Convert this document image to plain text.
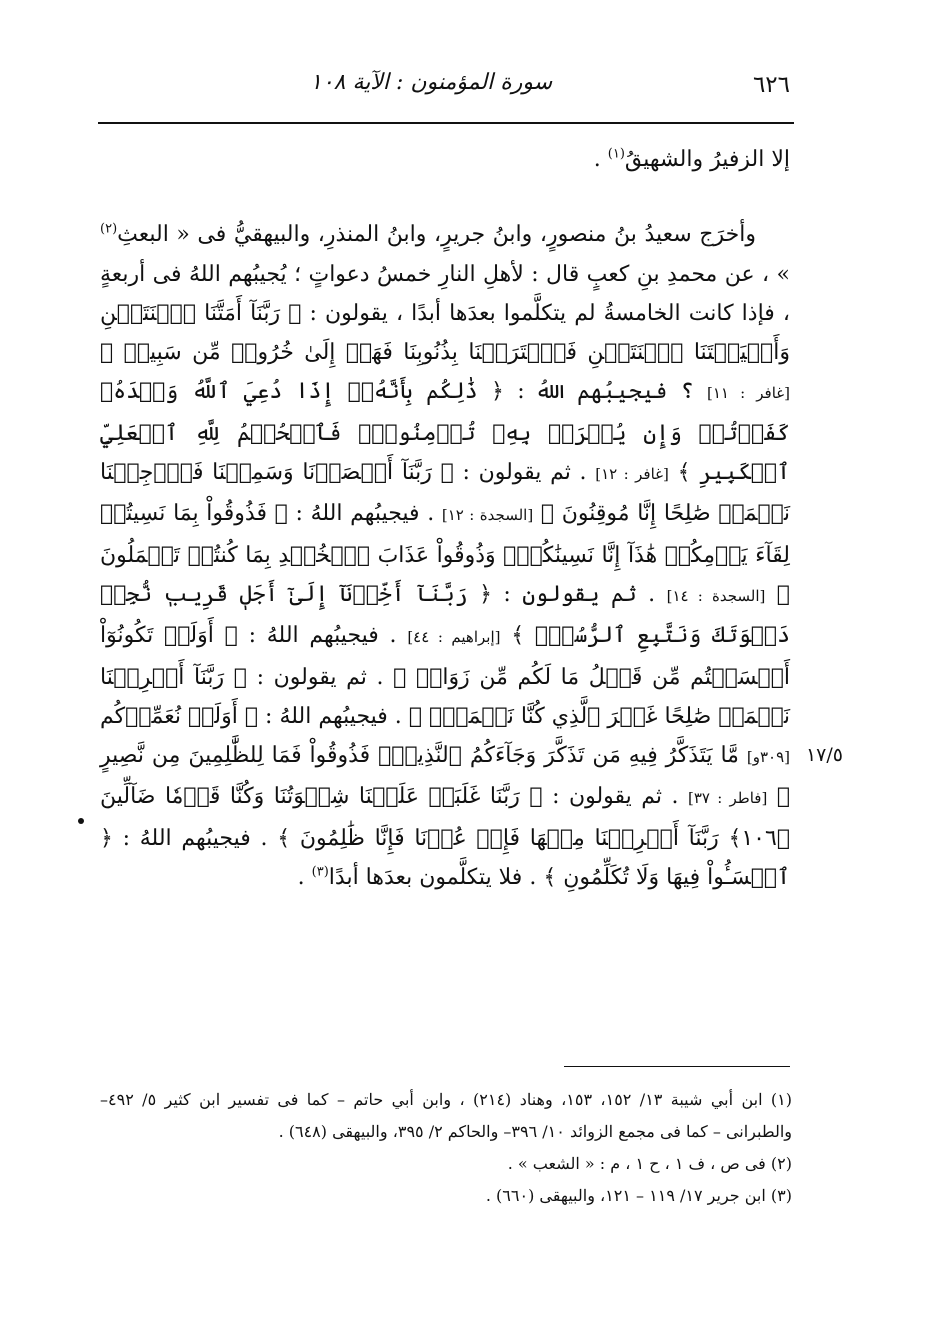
٦٢٦
سورة المؤمنون : الآية ١٠٨
١٧/٥

إلا الزفيرُ والشهيقُ$^{(١)}$ .

وأخرَج سعيدُ بنُ منصورٍ، وابنُ جريرٍ، وابنُ المنذرِ، والبيهقيُّ فى « البعثِ$^{(٢)}$ » ، عن محمدِ بنِ كعبٍ قال : لأهلِ النارِ خمسُ دعواتٍ ؛ يُجيبُهم اللهُ فى أربعةٍ ، فإذا كانت الخامسةُ لم يتكلَّموا بعدَها أبدًا ، يقولون : ﴿ رَبَّنَآ أَمَتَّنَا ٱثۡنَتَيۡنِ وَأَحۡيَيۡتَنَا ٱثۡنَتَيۡنِ فَٱعۡتَرَفۡنَا بِذُنُوبِنَا فَهَلۡ إِلَىٰ خُرُوجٖ مِّن سَبِيلٖ ﴾ [غافر : ١١] ؟ فيجيبُهم اللهُ : ﴿ ذَٰلِكُم بِأَنَّهُۥٓ إِذَا دُعِيَ ٱللَّهُ وَحۡدَهُۥ كَفَرۡتُمۡ وَإِن يُشۡرَكۡ بِهِۦ تُؤۡمِنُواْۚ فَٱلۡحُكۡمُ لِلَّهِ ٱلۡعَلِيِّ ٱلۡكَبِيرِ ﴾ [غافر : ١٢] . ثم يقولون : ﴿ رَبَّنَآ أَبۡصَرۡنَا وَسَمِعۡنَا فَٱرۡجِعۡنَا نَعۡمَلۡ صَٰلِحًا إِنَّا مُوقِنُونَ ﴾ [السجدة : ١٢] . فيجيبُهم اللهُ : ﴿ فَذُوقُواْ بِمَا نَسِيتُمۡ لِقَآءَ يَوۡمِكُمۡ هَٰذَآ إِنَّا نَسِينَٰكُمۡۖ وَذُوقُواْ عَذَابَ ٱلۡخُلۡدِ بِمَا كُنتُمۡ تَعۡمَلُونَ ﴾ [السجدة : ١٤] . ثم يقولون : ﴿ رَبَّنَآ أَخِّرۡنَآ إِلَىٰٓ أَجَلٖ قَرِيبٖ نُّجِبۡ دَعۡوَتَكَ وَنَتَّبِعِ ٱلرُّسُلَۗ ﴾ [إبراهيم : ٤٤] . فيجيبُهم اللهُ : ﴿ أَوَلَمۡ تَكُونُوٓاْ أَقۡسَمۡتُم مِّن قَبۡلُ مَا لَكُم مِّن زَوَالٖ ﴾ . ثم يقولون : ﴿ رَبَّنَآ أَخۡرِجۡنَا نَعۡمَلۡ صَٰلِحًا غَيۡرَ ٱلَّذِي كُنَّا نَعۡمَلُۚ ﴾ . فيجيبُهم اللهُ : ﴿ أَوَلَمۡ نُعَمِّرۡكُم [٣٠٩و] مَّا يَتَذَكَّرُ فِيهِ مَن تَذَكَّرَ وَجَآءَكُمُ ٱلنَّذِيرُۖ فَذُوقُواْ فَمَا لِلظَّٰلِمِينَ مِن نَّصِيرٍ ﴾ [فاطر : ٣٧] . ثم يقولون : ﴿ رَبَّنَا غَلَبَتۡ عَلَيۡنَا شِقۡوَتُنَا وَكُنَّا قَوۡمٗا ضَآلِّينَ ﴿١٠٦﴾ رَبَّنَآ أَخۡرِجۡنَا مِنۡهَا فَإِنۡ عُدۡنَا فَإِنَّا ظَٰلِمُونَ ﴾ . فيجيبُهم اللهُ : ﴿ ٱخۡسَـُٔواْ فِيهَا وَلَا تُكَلِّمُونِ ﴾ . فلا يتكلَّمون بعدَها أبدًا$^{(٣)}$ .

(١) ابن أبي شيبة ١٣/ ١٥٢، ١٥٣، وهناد (٢١٤) ، وابن أبي حاتم – كما فى تفسير ابن كثير ٥/ ٤٩٢– والطبرانى – كما فى مجمع الزوائد ١٠/ ٣٩٦– والحاكم ٢/ ٣٩٥، والبيهقى (٦٤٨) .

(٢) فى ص ، ف ١ ، ح ١ ، م : « الشعب » .

(٣) ابن جرير ١٧/ ١١٩ – ١٢١، والبيهقى (٦٦٠) .
